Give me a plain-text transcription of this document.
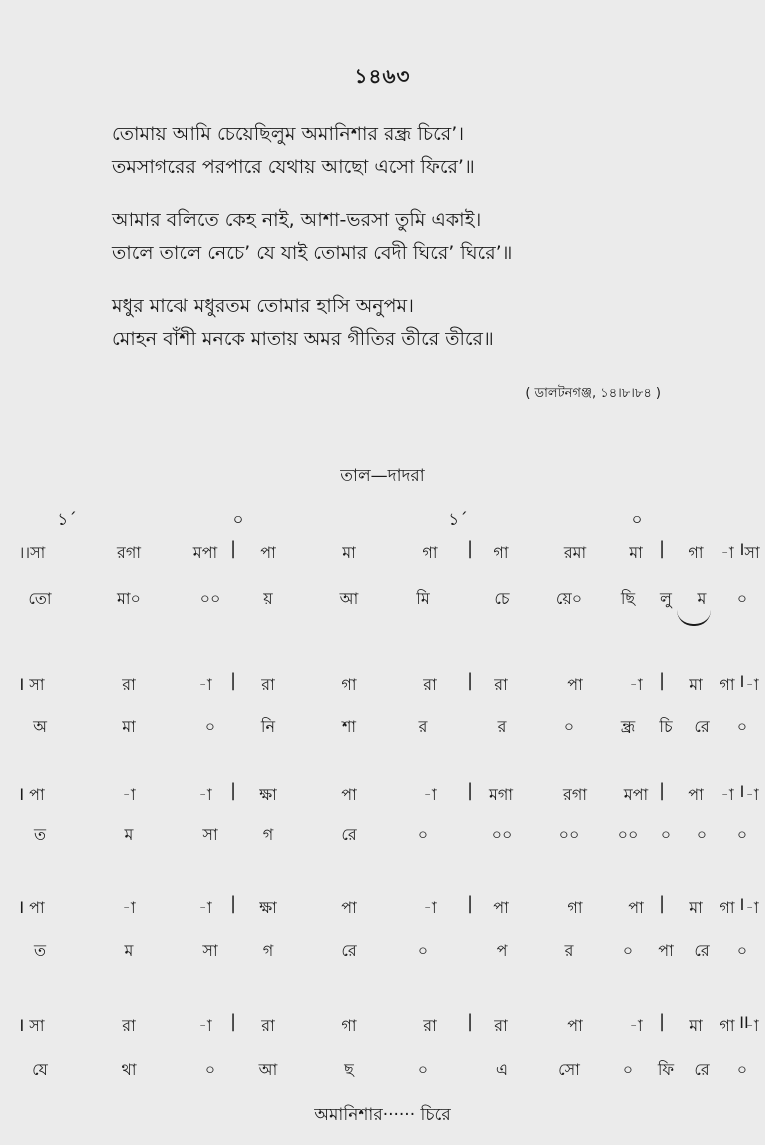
১৪৬৩
তোমায় আমি চেয়েছিলুম অমানিশার রন্ধ্র চিরে’।
তমসাগরের পরপারে যেথায় আছো এসো ফিরে’॥
আমার বলিতে কেহ নাই, আশা-ভরসা তুমি একাই।
তালে তালে নেচে’ যে যাই তোমার বেদী ঘিরে’ ঘিরে’॥
মধুর মাঝে মধুরতম তোমার হাসি অনুপম।
মোহন বাঁশী মনকে মাতায় অমর গীতির তীরে তীরে॥
( ডালটনগঞ্জ, ১৪।৮।৮৪ )
তাল—দাদরা
১´	০	১´	০
।।সা	রগা	মপা | পা	মা	গা | গা	রমা	মা | গা -া সা
I
তো	মা০	০০	য়	আ	মি	চে	য়ে০ ছি লু ম ০
I সা	রা	-া | রা	গা	রা | রা	পা	-া | মা গা -া
I
অ	মা	০	নি	শা	র	র	০	ন্ধ্র চি রে ০
I পা	-া	-া | ক্ষা	পা	-া | মগা	রগা মপা | পা -া -া
I
ত	ম	সা	গ	রে	০	০০	০০ ০০ ০ ০ ০
I পা	-া	-া | ক্ষা	পা	-া | পা	গা	পা | মা গা -া
I
ত	ম	সা	গ	রে	০	প	র	০ পা রে ০
I সা	রা	-া | রা	গা	রা | রা	পা	-া | মা গা -া
II
যে	থা	০	আ	ছ	০	এ	সো	০ ফি রে ০
অমানিশার······ চিরে
